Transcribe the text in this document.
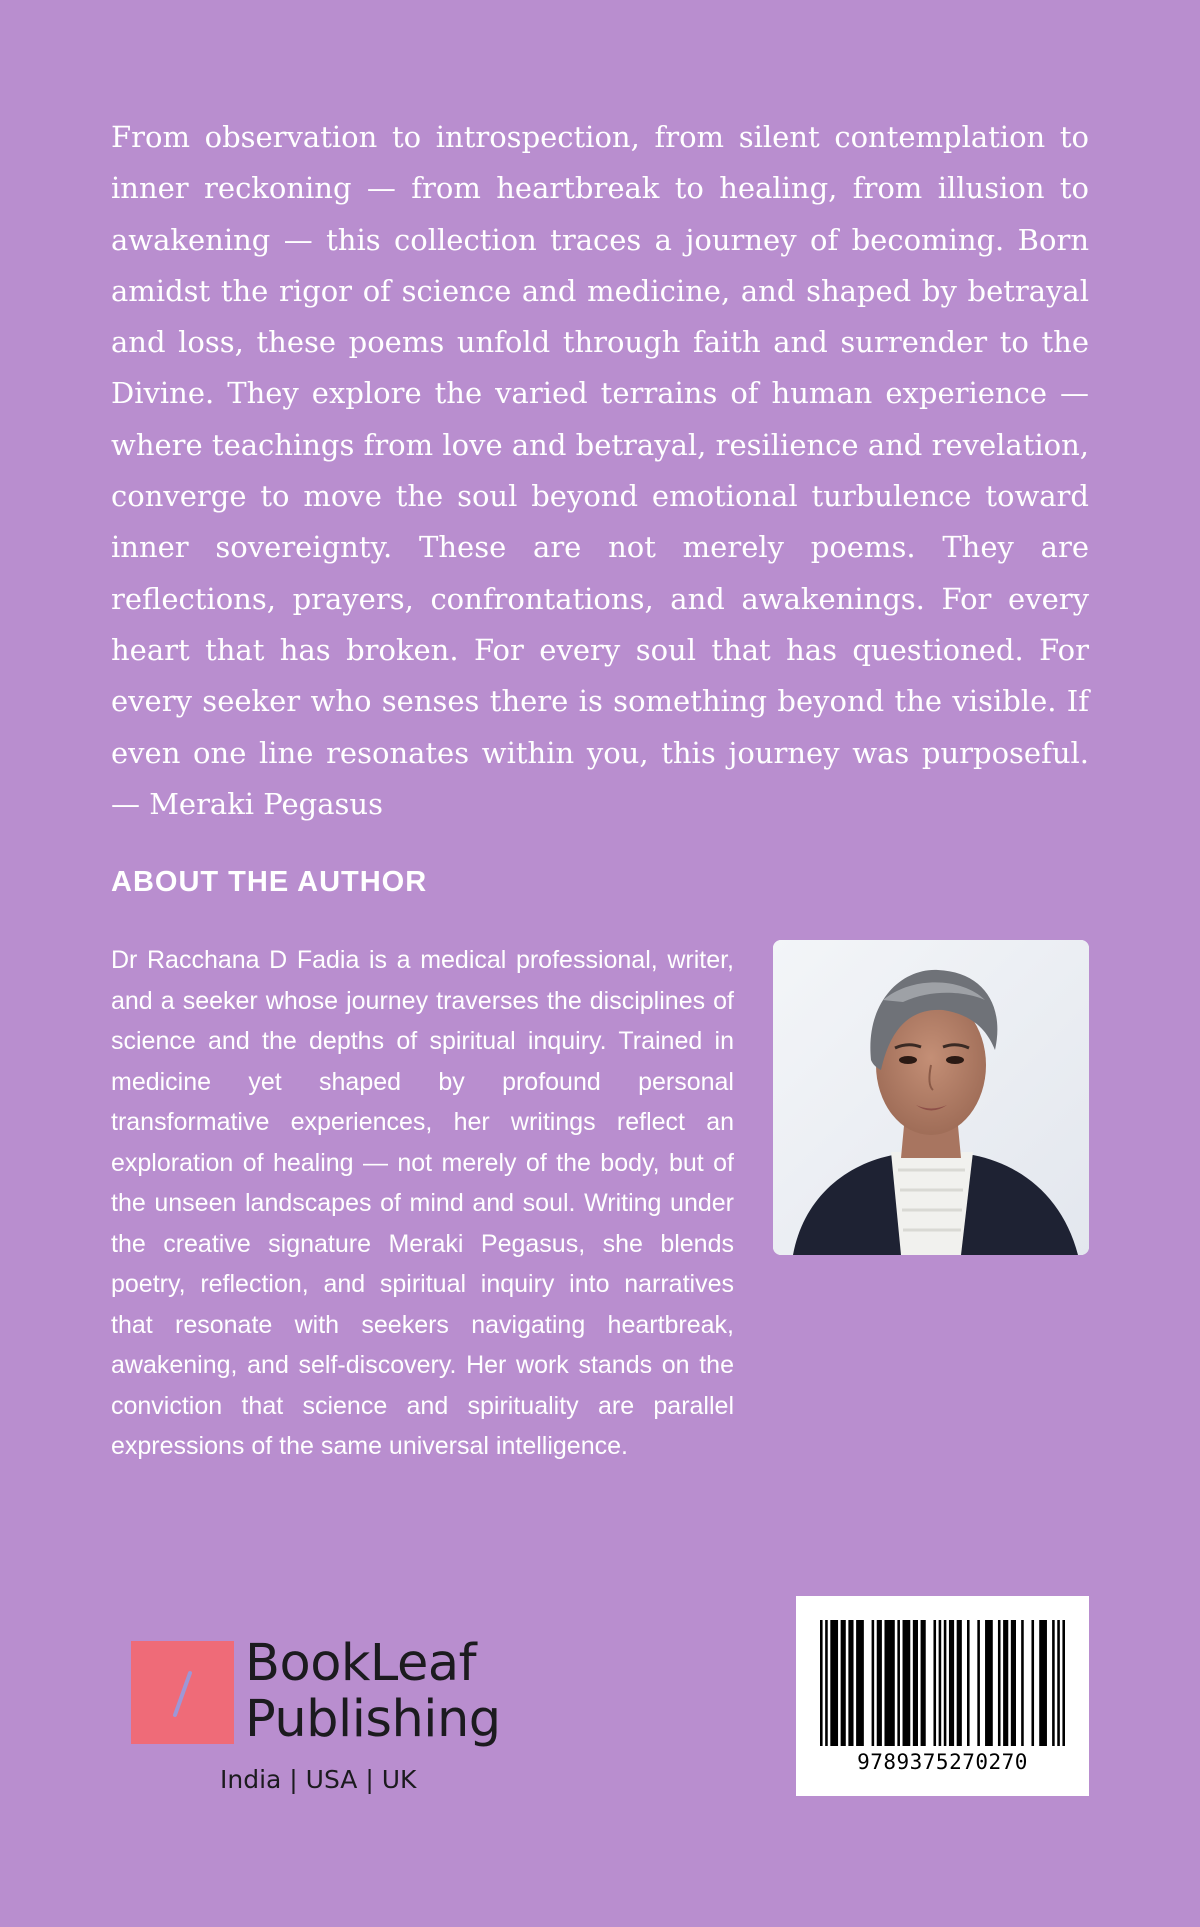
From observation to introspection, from silent contemplation to inner reckoning — from heartbreak to healing, from illusion to awakening — this collection traces a journey of becoming. Born amidst the rigor of science and medicine, and shaped by betrayal and loss, these poems unfold through faith and surrender to the Divine. They explore the varied terrains of human experience — where teachings from love and betrayal, resilience and revelation, converge to move the soul beyond emotional turbulence toward inner sovereignty. These are not merely poems. They are reflections, prayers, confrontations, and awakenings. For every heart that has broken. For every soul that has questioned. For every seeker who senses there is something beyond the visible. If even one line resonates within you, this journey was purposeful. — Meraki Pegasus

ABOUT THE AUTHOR

Dr Racchana D Fadia is a medical professional, writer, and a seeker whose journey traverses the disciplines of science and the depths of spiritual inquiry. Trained in medicine yet shaped by profound personal transformative experiences, her writings reflect an exploration of healing — not merely of the body, but of the unseen landscapes of mind and soul. Writing under the creative signature Meraki Pegasus, she blends poetry, reflection, and spiritual inquiry into narratives that resonate with seekers navigating heartbreak, awakening, and self-discovery. Her work stands on the conviction that science and spirituality are parallel expressions of the same universal intelligence.

BookLeaf
Publishing
India | USA | UK
9789375270270
